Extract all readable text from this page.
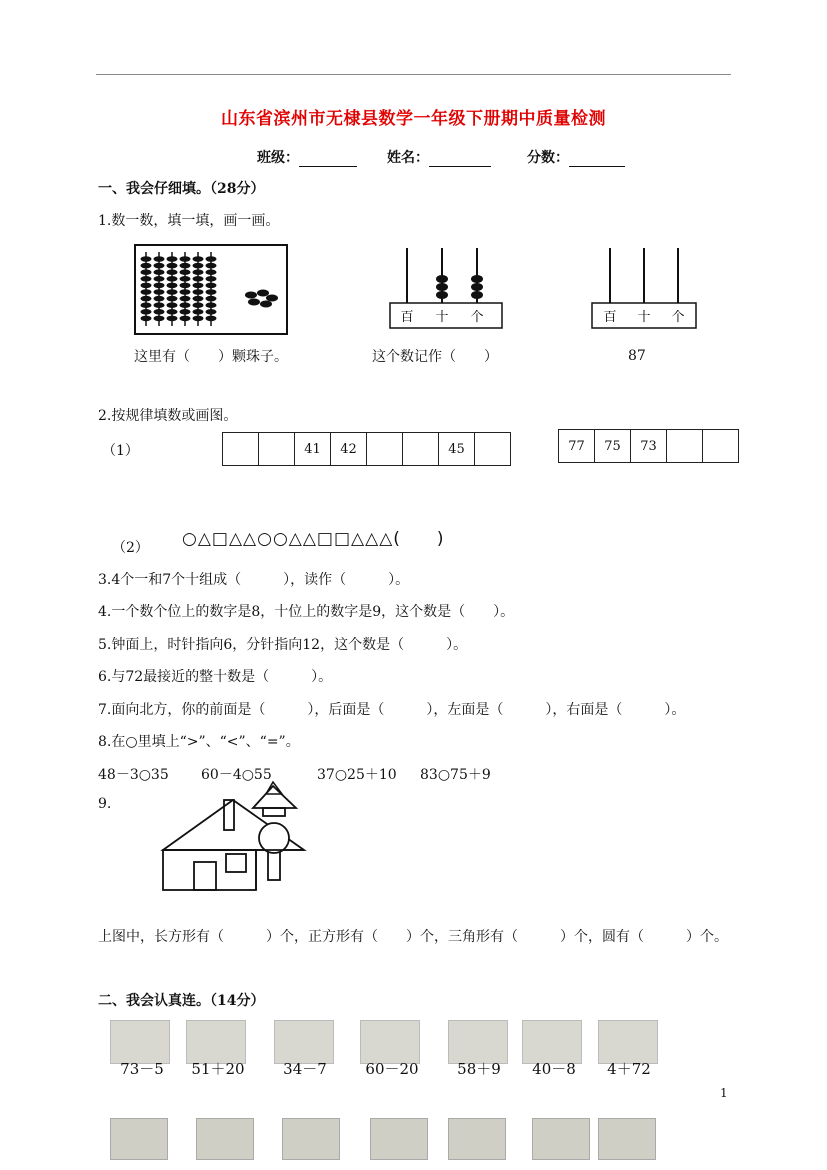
山东省滨州市无棣县数学一年级下册期中质量检测
班级：	姓名：	分数：
一、我会仔细填。（28分）
1.数一数，填一填，画一画。
百 十 个	百 十 个
这里有（　　）颗珠子。	这个数记作（　　）	87
2.按规律填数或画图。
（1）	41	42	45	77	75	73
（2） ○△□△△○○△△□□△△△(　　)
3.4个一和7个十组成（　　　），读作（　　　）。
4.一个数个位上的数字是8，十位上的数字是9，这个数是（　　）。
5.钟面上，时针指向6，分针指向12，这个数是（　　　）。
6.与72最接近的整十数是（　　　）。
7.面向北方，你的前面是（　　　），后面是（　　　），左面是（　　　），右面是（　　　）。
8.在○里填上“>”、“<”、“=”。
48－3○35 60－4○55	37○25＋10 83○75＋9
9.
上图中，长方形有（　　　）个，正方形有（　　）个，三角形有（　　　）个，圆有（　　　）个。
二、我会认真连。（14分）
73－5	51＋20	34－7	60－20	58＋9	40－8	4＋72
1
